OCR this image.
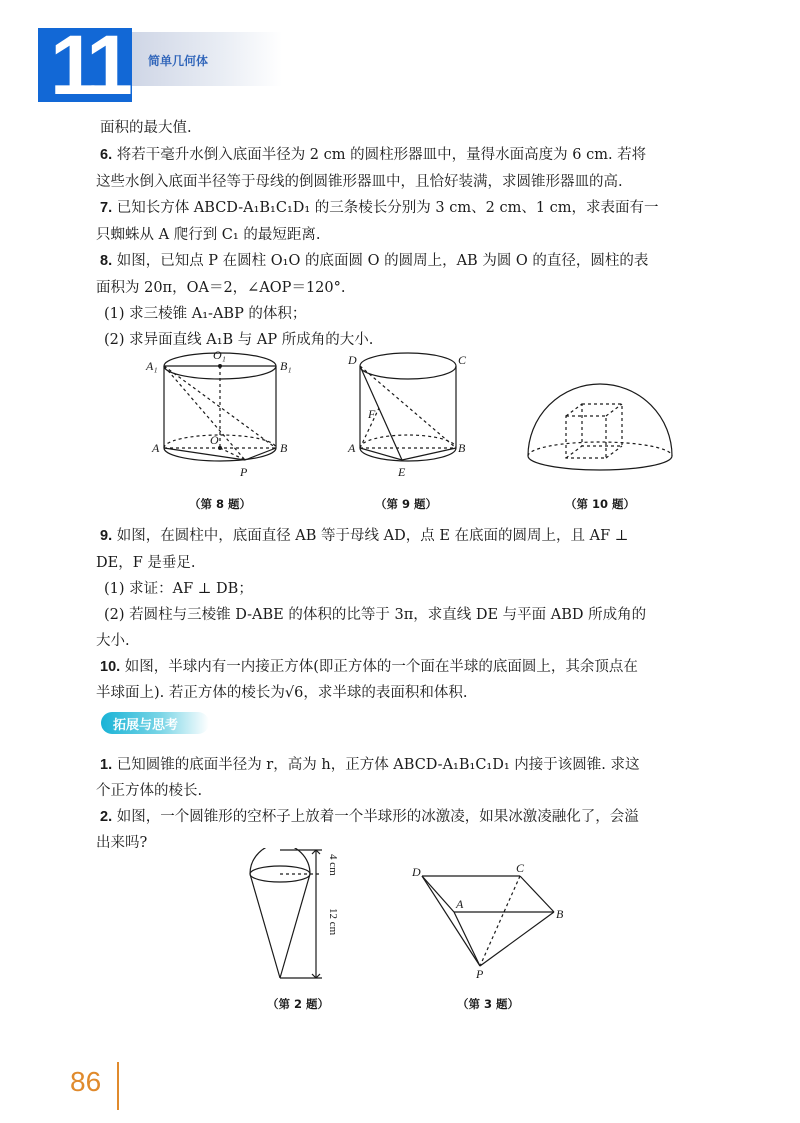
11 简单几何体

面积的最大值.

6. 将若干毫升水倒入底面半径为 2 cm 的圆柱形器皿中，量得水面高度为 6 cm. 若将

这些水倒入底面半径等于母线的倒圆锥形器皿中，且恰好装满，求圆锥形器皿的高.

7. 已知长方体 ABCD-A₁B₁C₁D₁ 的三条棱长分别为 3 cm、2 cm、1 cm，求表面有一

只蜘蛛从 A 爬行到 C₁ 的最短距离.

8. 如图，已知点 P 在圆柱 O₁O 的底面圆 O 的圆周上，AB 为圆 O 的直径，圆柱的表

面积为 20π，OA＝2，∠AOP＝120°.

(1) 求三棱锥 A₁-ABP 的体积；

(2) 求异面直线 A₁B 与 AP 所成角的大小.

A₁
O₁
B₁
A
O
B
P
（第 8 题）
D	C
F
A	B
E
（第 9 题）	（第 10 题）

9. 如图，在圆柱中，底面直径 AB 等于母线 AD，点 E 在底面的圆周上，且 AF ⊥

DE，F 是垂足.

(1) 求证：AF ⊥ DB；

(2) 若圆柱与三棱锥 D-ABE 的体积的比等于 3π，求直线 DE 与平面 ABD 所成角的

大小.

10. 如图，半球内有一内接正方体(即正方体的一个面在半球的底面圆上，其余顶点在

半球面上). 若正方体的棱长为√6，求半球的表面积和体积.

拓展与思考

1. 已知圆锥的底面半径为 r，高为 h，正方体 ABCD-A₁B₁C₁D₁ 内接于该圆锥. 求这

个正方体的棱长.

2. 如图，一个圆锥形的空杯子上放着一个半球形的冰激凌，如果冰激凌融化了，会溢

出来吗?

4 cm
12 cm
（第 2 题）
D	C
A
B
P
（第 3 题）
86
